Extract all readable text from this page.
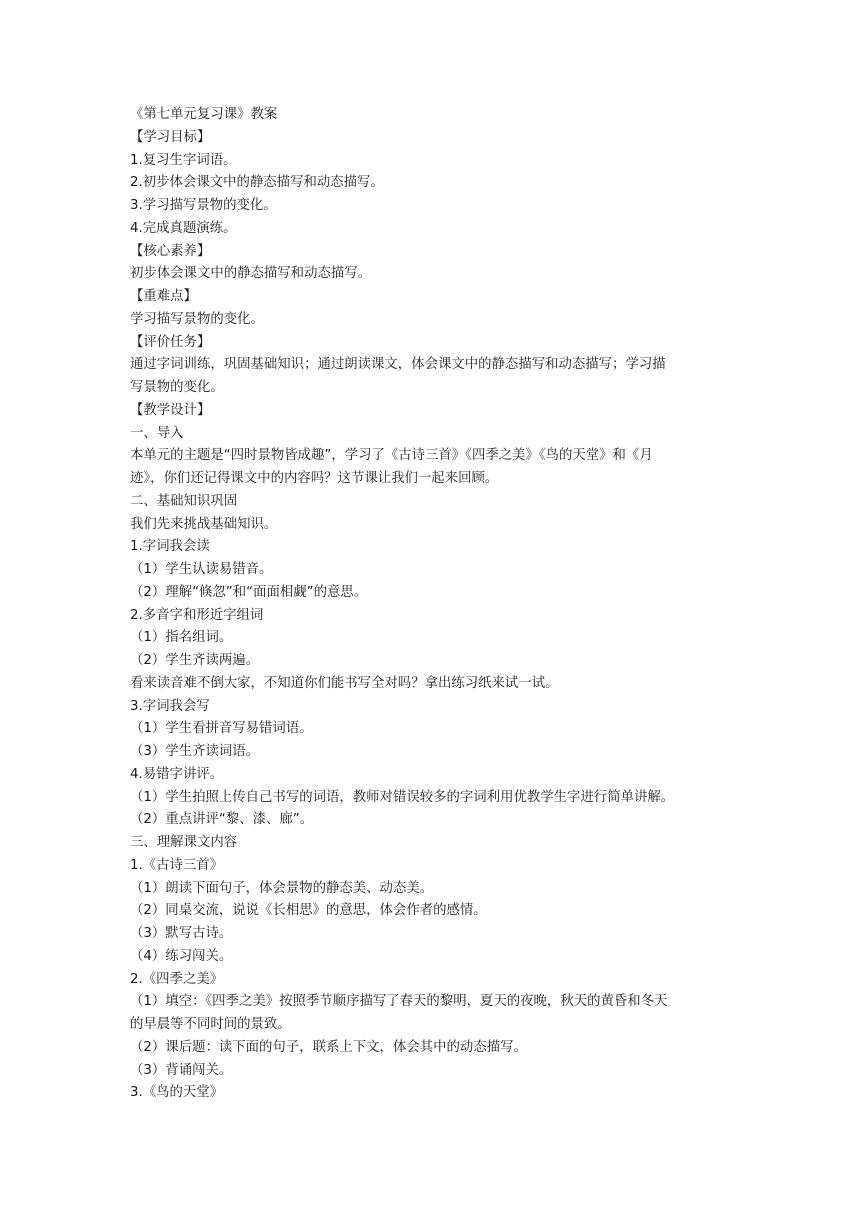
《第七单元复习课》教案
【学习目标】
1.复习生字词语。
2.初步体会课文中的静态描写和动态描写。
3.学习描写景物的变化。
4.完成真题演练。
【核心素养】
初步体会课文中的静态描写和动态描写。
【重难点】
学习描写景物的变化。
【评价任务】
通过字词训练，巩固基础知识；通过朗读课文，体会课文中的静态描写和动态描写；学习描
写景物的变化。
【教学设计】
一、导入
本单元的主题是“四时景物皆成趣”，学习了《古诗三首》《四季之美》《鸟的天堂》和《月
迹》，你们还记得课文中的内容吗？这节课让我们一起来回顾。
二、基础知识巩固
我们先来挑战基础知识。
1.字词我会读
（1）学生认读易错音。
（2）理解“倏忽”和“面面相觑”的意思。
2.多音字和形近字组词
（1）指名组词。
（2）学生齐读两遍。
看来读音难不倒大家，不知道你们能书写全对吗？拿出练习纸来试一试。
3.字词我会写
（1）学生看拼音写易错词语。
（3）学生齐读词语。
4.易错字讲评。
（1）学生拍照上传自己书写的词语，教师对错误较多的字词利用优教学生字进行简单讲解。
（2）重点讲评“黎、漆、廊”。
三、理解课文内容
1.《古诗三首》
（1）朗读下面句子，体会景物的静态美、动态美。
（2）同桌交流，说说《长相思》的意思，体会作者的感情。
（3）默写古诗。
（4）练习闯关。
2.《四季之美》
（1）填空：《四季之美》按照季节顺序描写了春天的黎明，夏天的夜晚，秋天的黄昏和冬天
的早晨等不同时间的景致。
（2）课后题：读下面的句子，联系上下文，体会其中的动态描写。
（3）背诵闯关。
3.《鸟的天堂》
